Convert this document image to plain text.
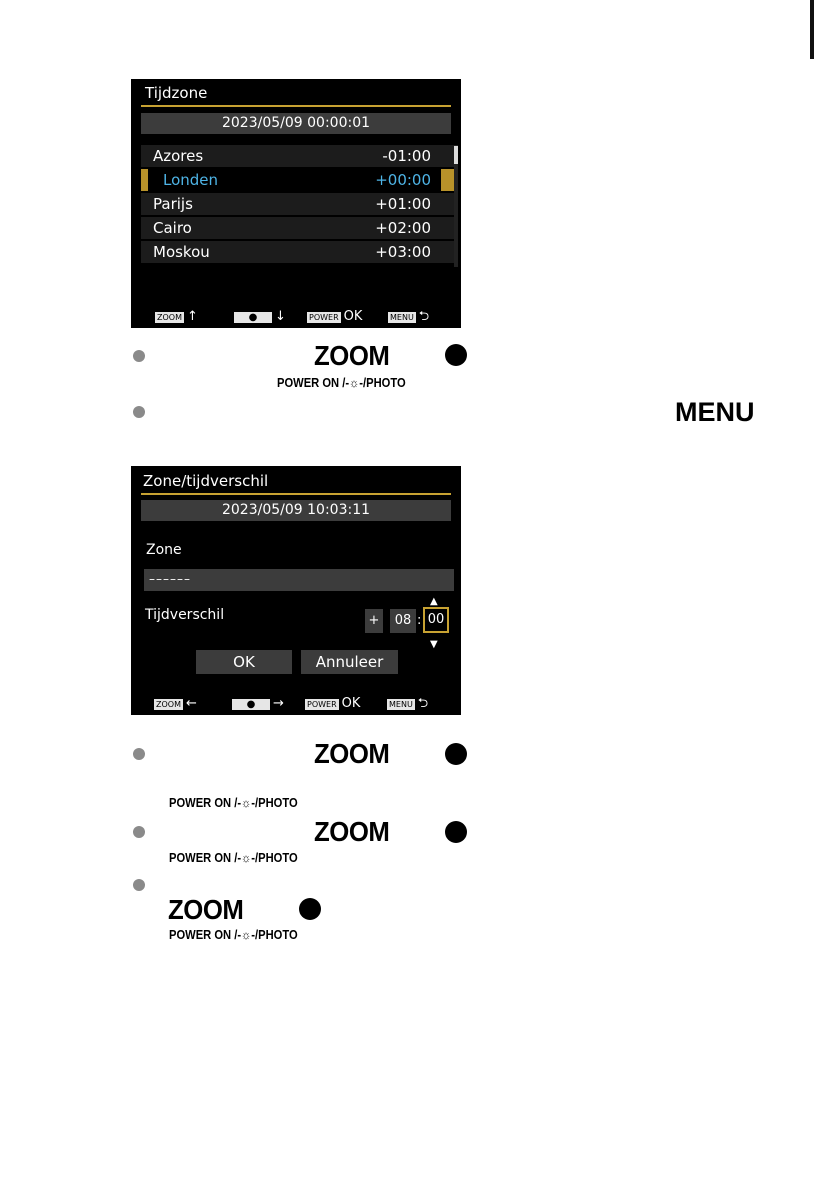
Tijdzone
2023/05/09 00:00:01
Azores	-01:00
Londen	+00:00
Parijs	+01:00
Cairo	+02:00
Moskou	+03:00
ZOOM ↑	●	↓	POWER OK	MENU ⮌
ZOOM
POWER ON /-☼-/PHOTO
MENU
Zone/tijdverschil
2023/05/09 10:03:11
Zone
––––––
Tijdverschil	+	08 :
▲
00
▼
OK	Annuleer
ZOOM ←	●	→	POWER OK	MENU ⮌
ZOOM
POWER ON /-☼-/PHOTO
ZOOM
POWER ON /-☼-/PHOTO
ZOOM
POWER ON /-☼-/PHOTO
